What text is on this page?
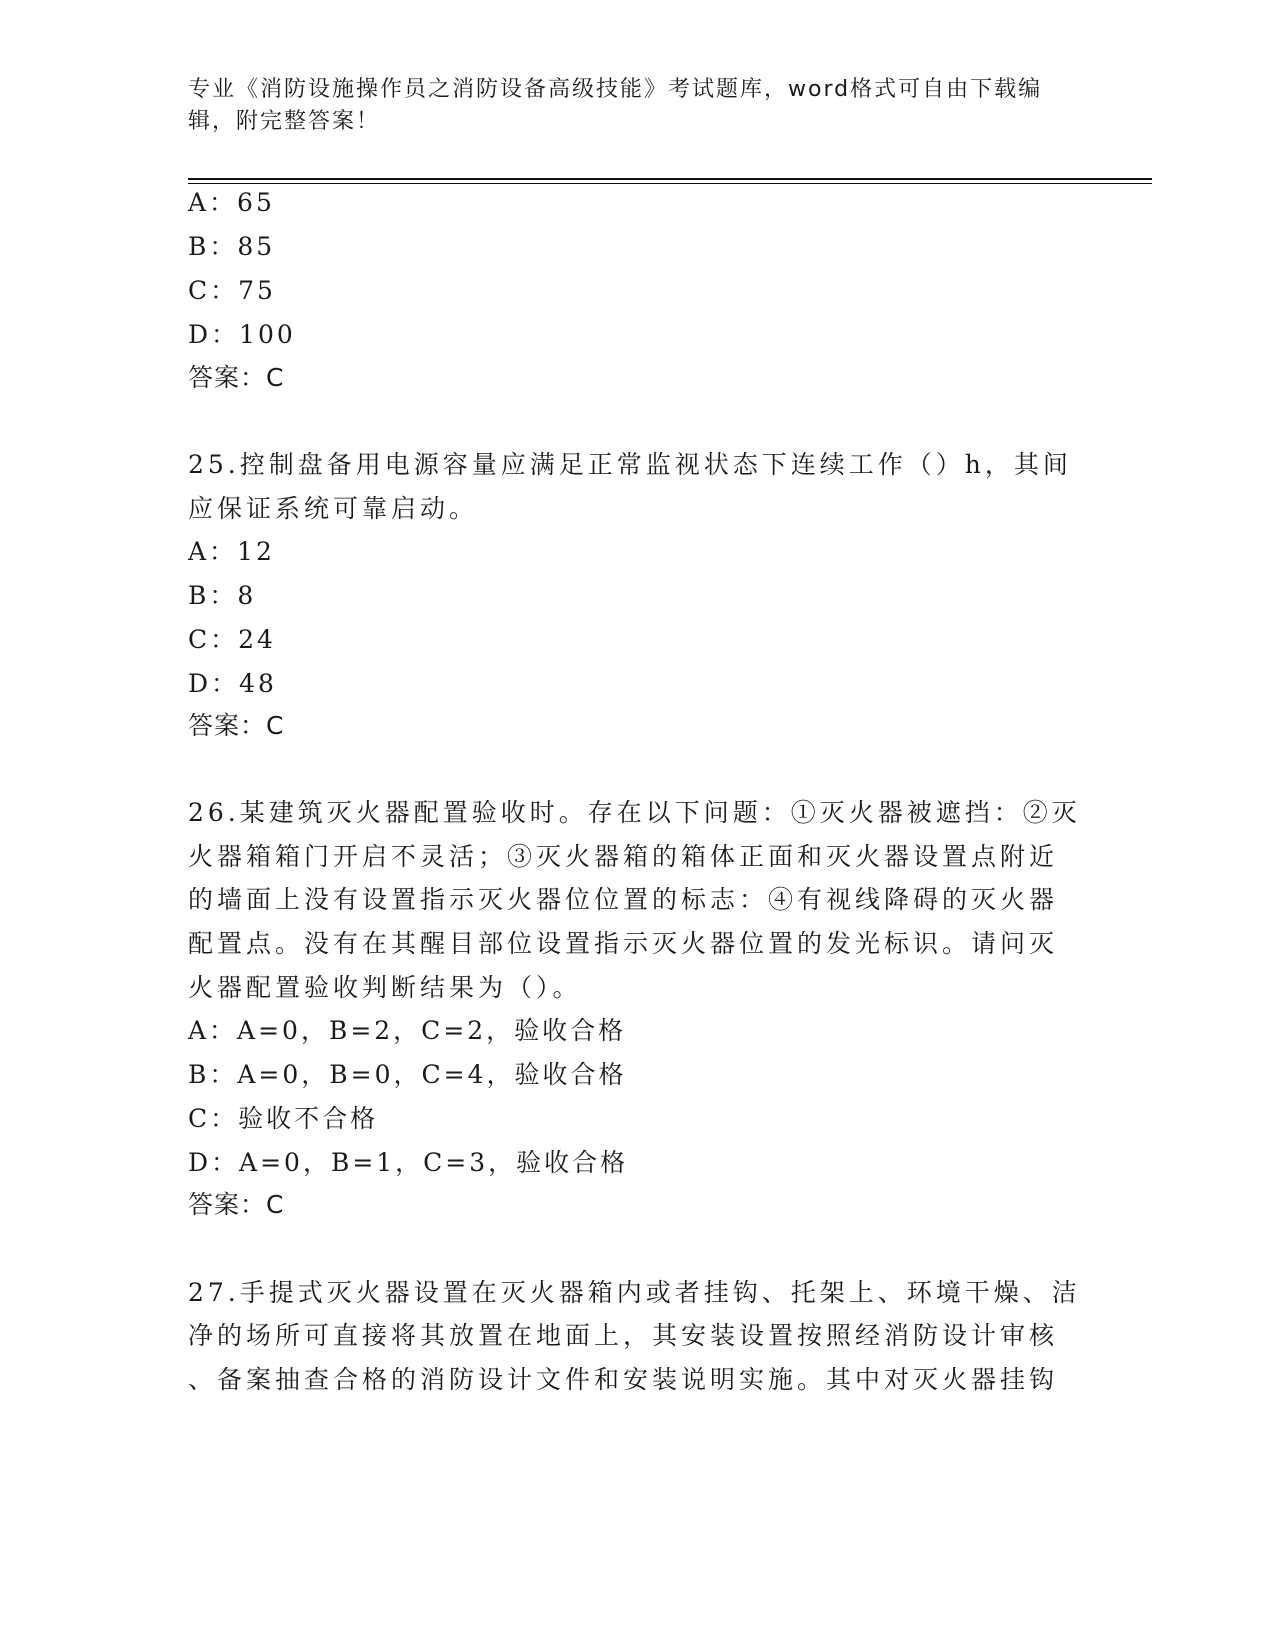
专业《消防设施操作员之消防设备高级技能》考试题库，word格式可自由下载编
辑，附完整答案！
A：65
B：85
C：75
D：100
答案：C
25.控制盘备用电源容量应满足正常监视状态下连续工作（）h，其间
应保证系统可靠启动。
A：12
B：8
C：24
D：48
答案：C
26.某建筑灭火器配置验收时。存在以下问题：①灭火器被遮挡：②灭
火器箱箱门开启不灵活；③灭火器箱的箱体正面和灭火器设置点附近
的墙面上没有设置指示灭火器位位置的标志：④有视线降碍的灭火器
配置点。没有在其醒目部位设置指示灭火器位置的发光标识。请问灭
火器配置验收判断结果为（）。
A：A=0，B=2，C=2，验收合格
B：A=0，B=0，C=4，验收合格
C：验收不合格
D：A=0，B=1，C=3，验收合格
答案：C
27.手提式灭火器设置在灭火器箱内或者挂钩、托架上、环境干燥、洁
净的场所可直接将其放置在地面上，其安装设置按照经消防设计审核
、备案抽查合格的消防设计文件和安装说明实施。其中对灭火器挂钩
